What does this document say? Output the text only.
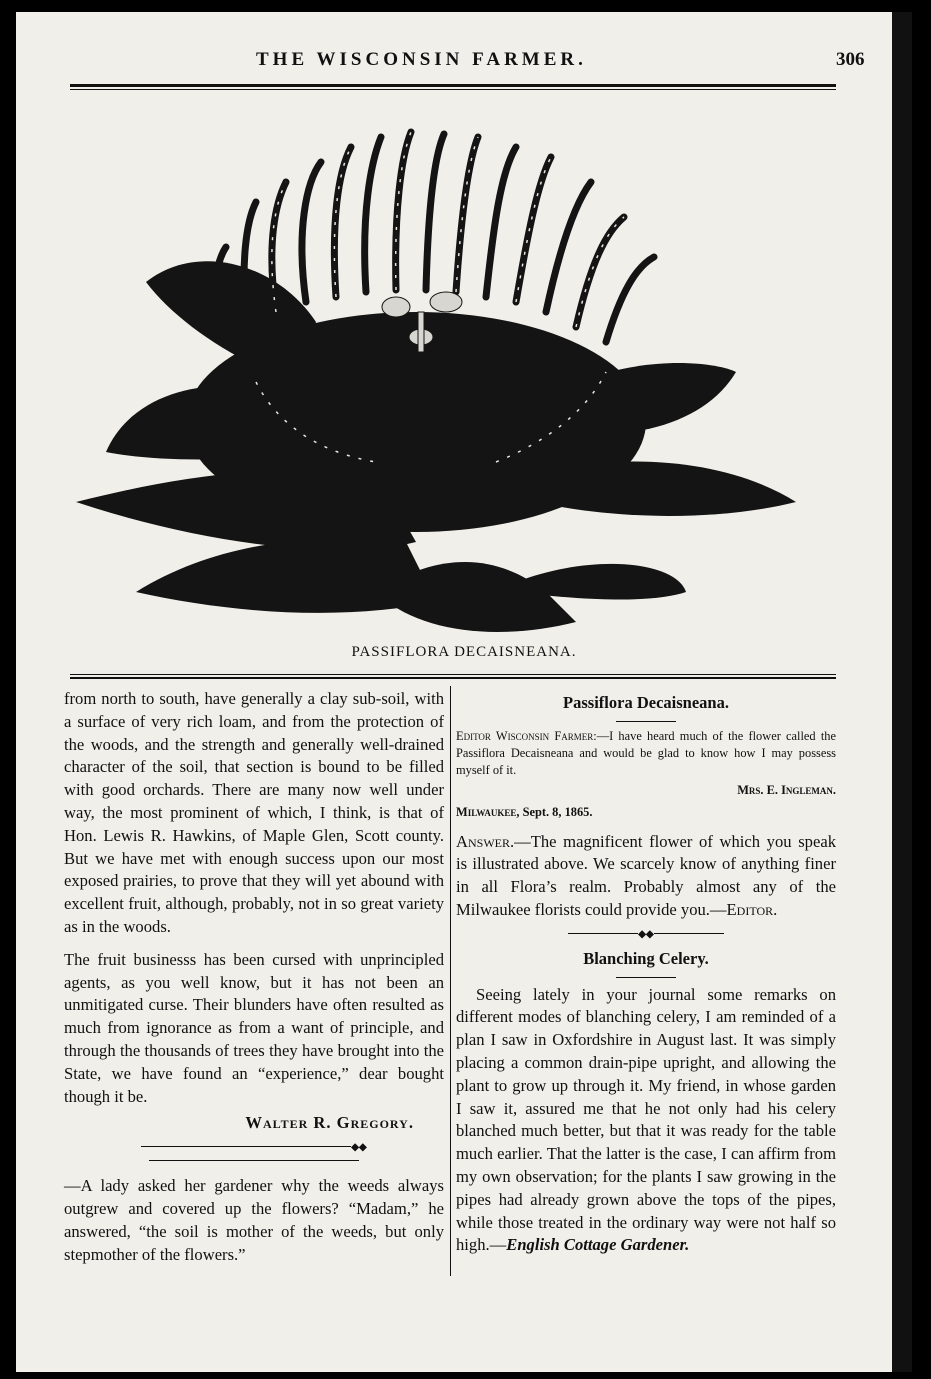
THE WISCONSIN FARMER.	306
PASSIFLORA DECAISNEANA.

from north to south, have generally a clay sub-soil, with a surface of very rich loam, and from the protection of the woods, and the strength and generally well-drained character of the soil, that section is bound to be filled with good orchards. There are many now well under way, the most prominent of which, I think, is that of Hon. Lewis R. Hawkins, of Maple Glen, Scott county. But we have met with enough success upon our most exposed prairies, to prove that they will yet abound with excellent fruit, although, probably, not in so great variety as in the woods.

The fruit businesss has been cursed with unprincipled agents, as you well know, but it has not been an unmitigated curse. Their blunders have often resulted as much from ignorance as from a want of principle, and through the thousands of trees they have brought into the State, we have found an “experience,” dear bought though it be.

Walter R. Gregory.

◆◆

—A lady asked her gardener why the weeds always outgrew and covered up the flowers? “Madam,” he answered, “the soil is mother of the weeds, but only stepmother of the flowers.”

Passiflora Decaisneana.

Editor Wisconsin Farmer:—I have heard much of the flower called the Passiflora Decaisneana and would be glad to know how I may possess myself of it.

Mrs. E. Ingleman.

Milwaukee, Sept. 8, 1865.

Answer.—The magnificent flower of which you speak is illustrated above. We scarcely know of anything finer in all Flora’s realm. Probably almost any of the Milwaukee florists could provide you.—Editor.

◆◆

Blanching Celery.

Seeing lately in your journal some remarks on different modes of blanching celery, I am reminded of a plan I saw in Oxfordshire in August last. It was simply placing a common drain-pipe upright, and allowing the plant to grow up through it. My friend, in whose garden I saw it, assured me that he not only had his celery blanched much better, but that it was ready for the table much earlier. That the latter is the case, I can affirm from my own observation; for the plants I saw growing in the pipes had already grown above the tops of the pipes, while those treated in the ordinary way were not half so high.—English Cottage Gardener.
